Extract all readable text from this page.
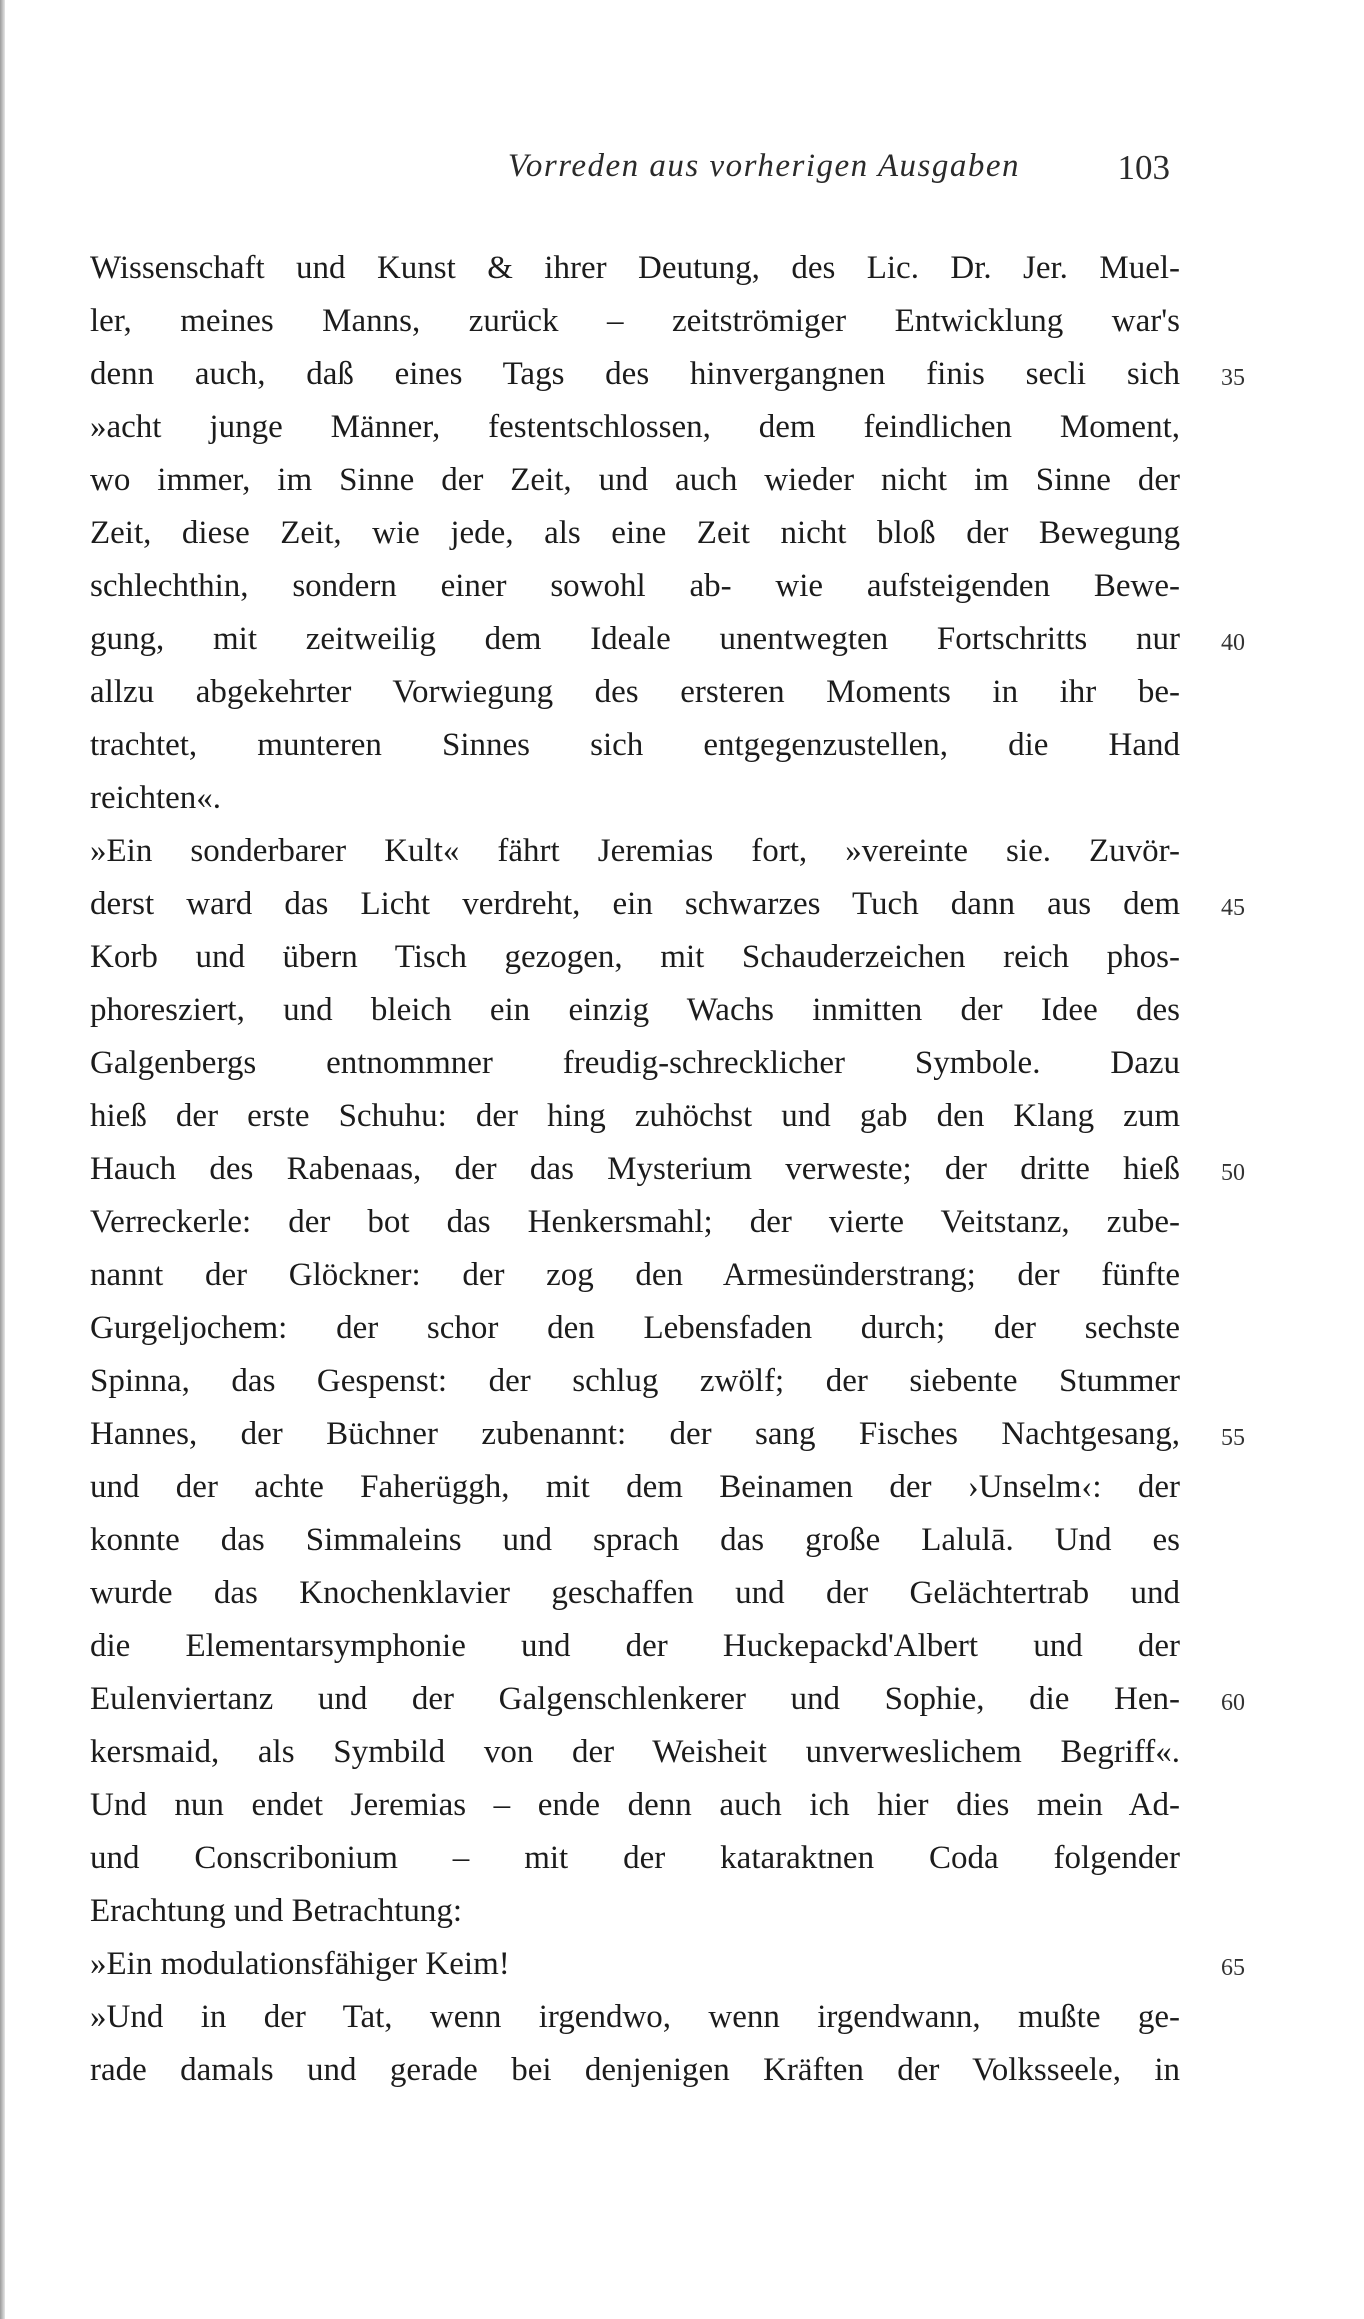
Vorreden aus vorherigen Ausgaben	103
Wissenschaft und Kunst & ihrer Deutung, des Lic. Dr. Jer. Muel-
ler, meines Manns, zurück – zeitströmiger Entwicklung war's
denn auch, daß eines Tags des hinvergangnen finis secli sich
»acht junge Männer, festentschlossen, dem feindlichen Moment,
wo immer, im Sinne der Zeit, und auch wieder nicht im Sinne der
Zeit, diese Zeit, wie jede, als eine Zeit nicht bloß der Bewegung
schlechthin, sondern einer sowohl ab- wie aufsteigenden Bewe-
gung, mit zeitweilig dem Ideale unentwegten Fortschritts nur
allzu abgekehrter Vorwiegung des ersteren Moments in ihr be-
trachtet, munteren Sinnes sich entgegenzustellen, die Hand
reichten«.
»Ein sonderbarer Kult« fährt Jeremias fort, »vereinte sie. Zuvör-
derst ward das Licht verdreht, ein schwarzes Tuch dann aus dem
Korb und übern Tisch gezogen, mit Schauderzeichen reich phos-
phoresziert, und bleich ein einzig Wachs inmitten der Idee des
Galgenbergs entnommner freudig-schrecklicher Symbole. Dazu
hieß der erste Schuhu: der hing zuhöchst und gab den Klang zum
Hauch des Rabenaas, der das Mysterium verweste; der dritte hieß
Verreckerle: der bot das Henkersmahl; der vierte Veitstanz, zube-
nannt der Glöckner: der zog den Armesünderstrang; der fünfte
Gurgeljochem: der schor den Lebensfaden durch; der sechste
Spinna, das Gespenst: der schlug zwölf; der siebente Stummer
Hannes, der Büchner zubenannt: der sang Fisches Nachtgesang,
und der achte Faherüggh, mit dem Beinamen der ›Unselm‹: der
konnte das Simmaleins und sprach das große Lalulā. Und es
wurde das Knochenklavier geschaffen und der Gelächtertrab und
die Elementarsymphonie und der Huckepackd'Albert und der
Eulenviertanz und der Galgenschlenkerer und Sophie, die Hen-
kersmaid, als Symbild von der Weisheit unverweslichem Begriff«.
Und nun endet Jeremias – ende denn auch ich hier dies mein Ad-
und Conscribonium – mit der kataraktnen Coda folgender
Erachtung und Betrachtung:
»Ein modulationsfähiger Keim!
»Und in der Tat, wenn irgendwo, wenn irgendwann, mußte ge-
rade damals und gerade bei denjenigen Kräften der Volksseele, in
35
40
45
50
55
60
65
